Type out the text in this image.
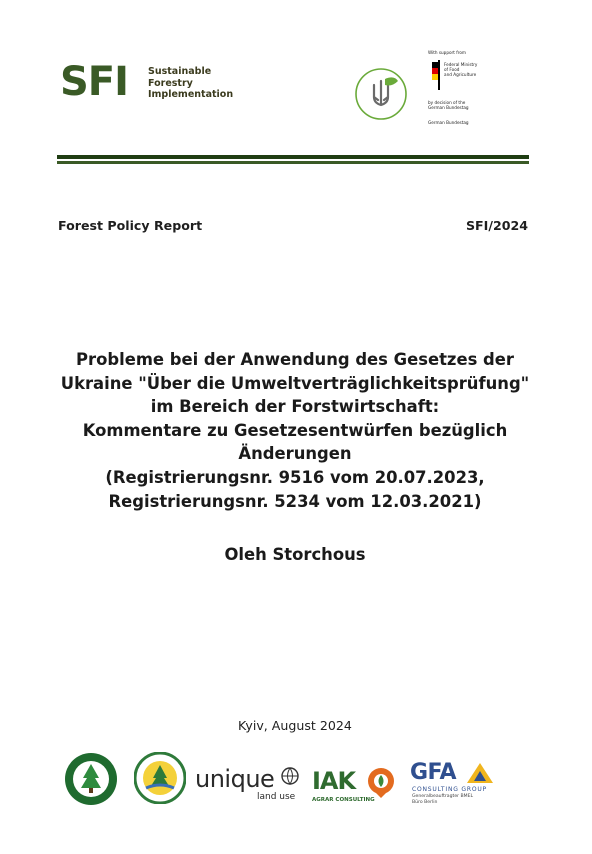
SFI Sustainable
Forestry
Implementation
With support from
Federal Ministry
of Food
and Agriculture
by decision of the
German Bundestag
German Bundestag
Forest Policy Report	SFI/2024
Probleme bei der Anwendung des Gesetzes der
Ukraine "Über die Umweltverträglichkeitsprüfung"
im Bereich der Forstwirtschaft:
Kommentare zu Gesetzesentwürfen bezüglich
Änderungen
(Registrierungsnr. 9516 vom 20.07.2023,
Registrierungsnr. 5234 vom 12.03.2021)
Oleh Storchous
Kyiv, August 2024
unique
land use
IAK
AGRAR CONSULTING
GFA
CONSULTING GROUP
Generalbeauftragter BMEL
Büro Berlin
